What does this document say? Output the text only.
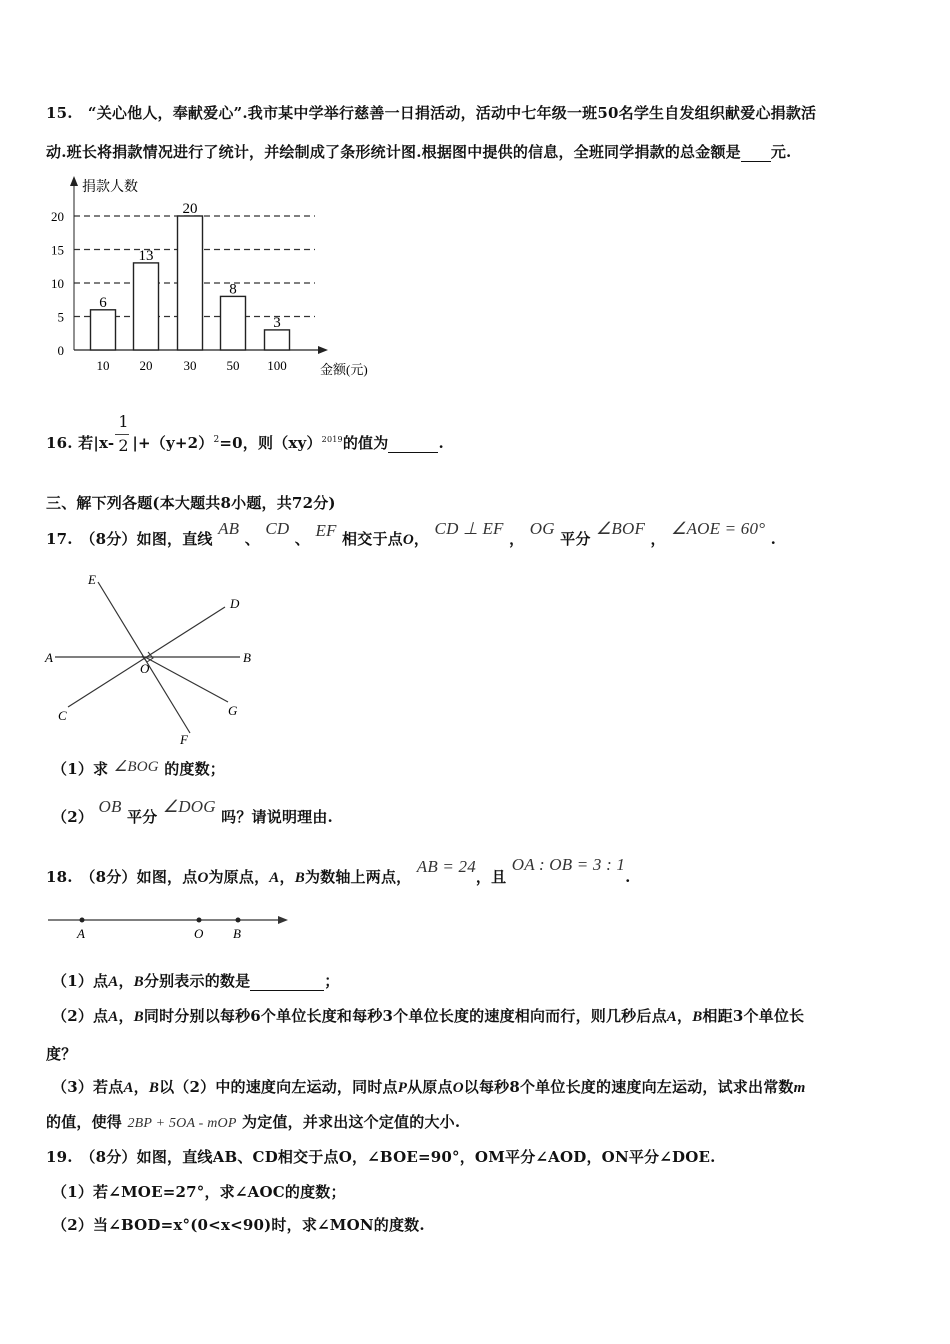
15.　“关心他人，奉献爱心”.我市某中学举行慈善一日捐活动，活动中七年级一班50名学生自发组织献爱心捐款活
动.班长将捐款情况进行了统计，并绘制成了条形统计图.根据图中提供的信息，全班同学捐款的总金额是 元.
0
5
10
15
20
捐款人数
金额(元)
6
10
13
20
20
30
8
50
3
100
16. 若$|x- \frac{1}{2} |+(y+2)^2=0$，则（xy）$^{2019}$的值为	.
三、解下列各题(本大题共8小题，共72分)
17.　（8分）如图，直线 AB 、 CD 、 EF 相交于点O， CD ⊥ EF ， OG 平分 ∠BOF ， ∠AOE = 60° .
E
D
A	B
O
C	G
F
（1）求 ∠BOG 的度数；
（2） OB 平分 ∠DOG 吗？请说明理由.
18.　（8分）如图，点O为原点，A，B为数轴上两点， AB = 24，且 OA : OB = 3 : 1.
A	O B
（1）点A，B分别表示的数是	；
（2）点A，B同时分别以每秒6个单位长度和每秒3个单位长度的速度相向而行，则几秒后点A，B相距3个单位长
度？
（3）若点A，B以（2）中的速度向左运动，同时点P从原点O以每秒8个单位长度的速度向左运动，试求出常数m
的值，使得 2BP + 5OA - mOP 为定值，并求出这个定值的大小.
19.　（8分）如图，直线AB、CD相交于点O，∠BOE=90°，OM平分∠AOD，ON平分∠DOE.
（1）若∠MOE=27°，求∠AOC的度数；
（2）当∠BOD=x°(0<x<90)时，求∠MON的度数.
